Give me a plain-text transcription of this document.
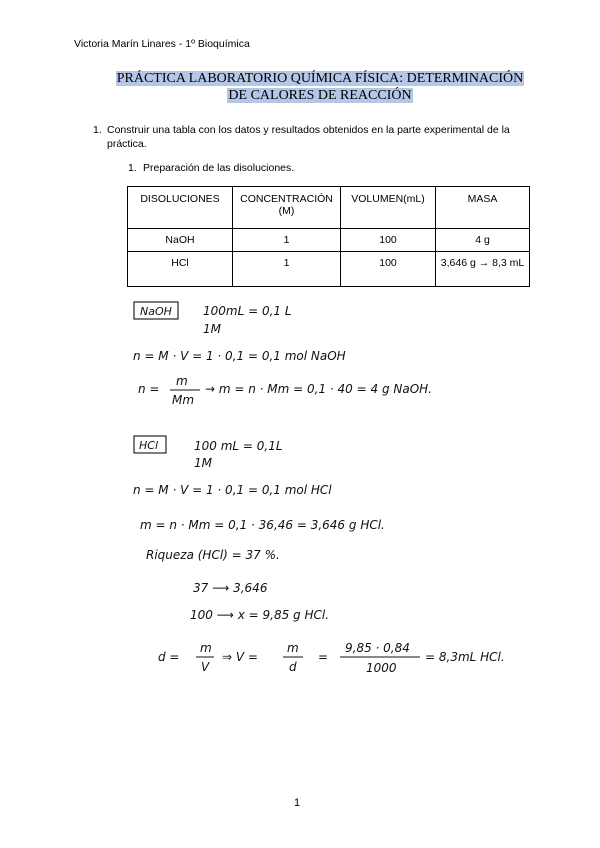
Victoria Marín Linares - 1º Bioquímica
PRÁCTICA LABORATORIO QUÍMICA FÍSICA: DETERMINACIÓN
DE CALORES DE REACCIÓN
1. Construir una tabla con los datos y resultados obtenidos en la parte experimental de la práctica.
1. Preparación de las disoluciones.
DISOLUCIONES	CONCENTRACIÓN (M)	VOLUMEN(mL)	MASA
NaOH	1	100	4 g
HCl	1	100	3,646 g → 8,3 mL
NaOH	100mL = 0,1 L
1M
n = M · V = 1 · 0,1 = 0,1 mol NaOH
n =
m
Mm
→ m = n · Mm = 0,1 · 40 = 4 g NaOH.
HCl	100 mL = 0,1L
1M
n = M · V = 1 · 0,1 = 0,1 mol HCl
m = n · Mm = 0,1 · 36,46 = 3,646 g HCl.
Riqueza (HCl) = 37 %.
37 ⟶ 3,646
100 ⟶ x = 9,85 g HCl.
d =
m
V
⇒ V =
m
d
=
9,85 · 0,84
1000
= 8,3mL HCl.
1
